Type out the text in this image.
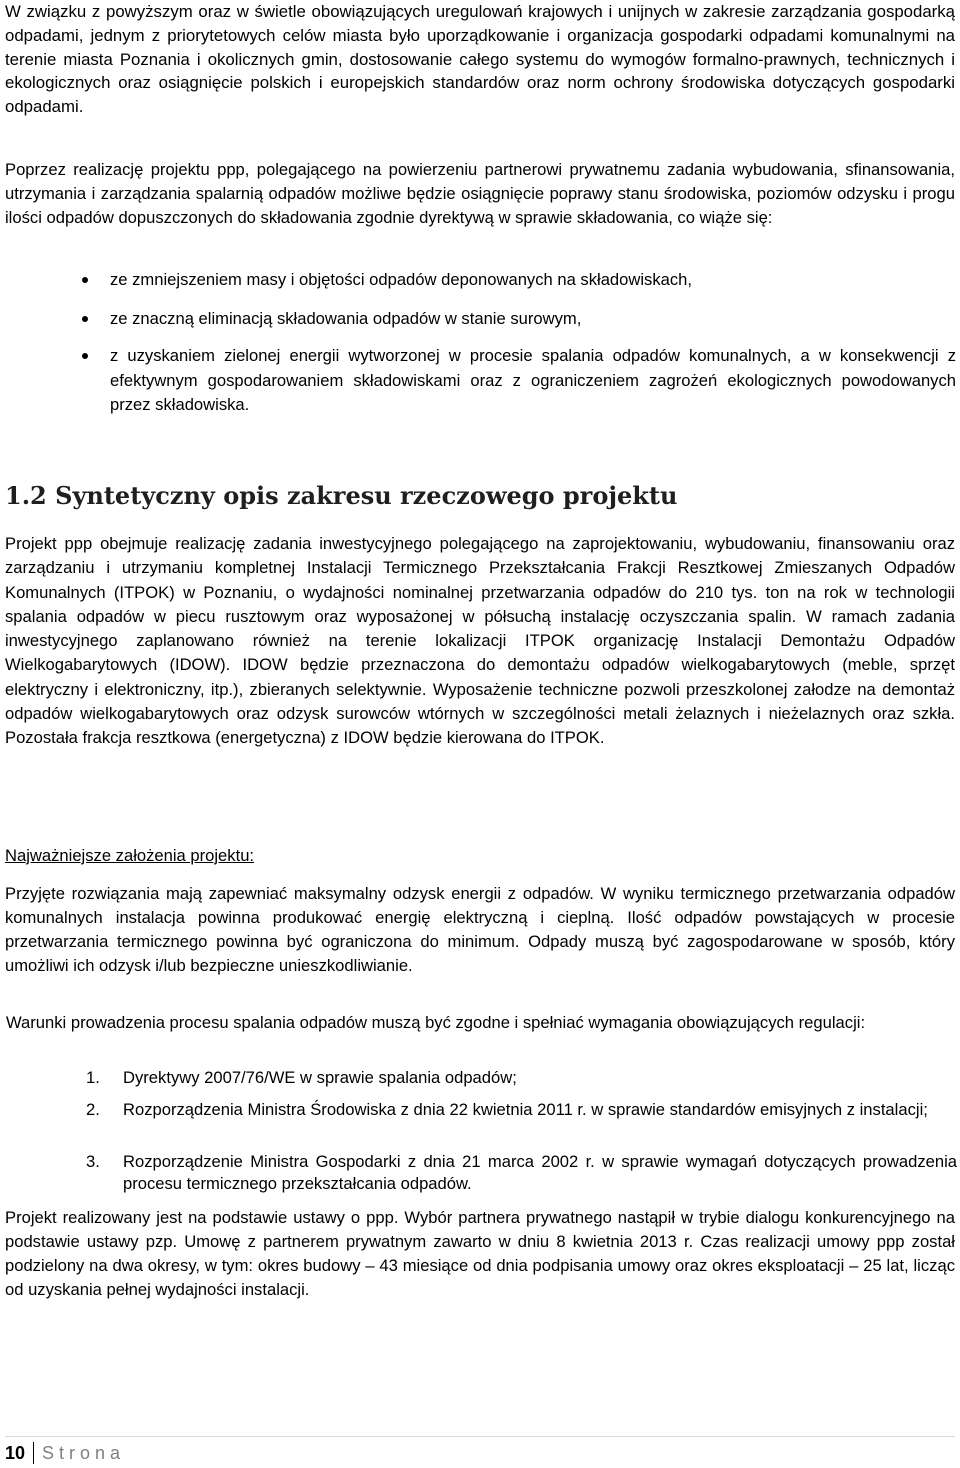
W związku z powyższym oraz w świetle obowiązujących uregulowań krajowych i unijnych w zakresie zarządzania gospodarką odpadami, jednym z priorytetowych celów miasta było uporządkowanie i organizacja gospodarki odpadami komunalnymi na terenie miasta Poznania i okolicznych gmin, dostosowanie całego systemu do wymogów formalno-prawnych, technicznych i ekologicznych oraz osiągnięcie polskich i europejskich standardów oraz norm ochrony środowiska dotyczących gospodarki odpadami.

Poprzez realizację projektu ppp, polegającego na powierzeniu partnerowi prywatnemu zadania wybudowania, sfinansowania, utrzymania i zarządzania spalarnią odpadów możliwe będzie osiągnięcie poprawy stanu środowiska, poziomów odzysku i progu ilości odpadów dopuszczonych do składowania zgodnie dyrektywą w sprawie składowania, co wiąże się:

ze zmniejszeniem masy i objętości odpadów deponowanych na składowiskach,
ze znaczną eliminacją składowania odpadów w stanie surowym,
z uzyskaniem zielonej energii wytworzonej w procesie spalania odpadów komunalnych, a w konsekwencji z efektywnym gospodarowaniem składowiskami oraz z ograniczeniem zagrożeń ekologicznych powodowanych przez składowiska.
1.2 Syntetyczny opis zakresu rzeczowego projektu

Projekt ppp obejmuje realizację zadania inwestycyjnego polegającego na zaprojektowaniu, wybudowaniu, finansowaniu oraz zarządzaniu i utrzymaniu kompletnej Instalacji Termicznego Przekształcania Frakcji Resztkowej Zmieszanych Odpadów Komunalnych (ITPOK) w Poznaniu, o wydajności nominalnej przetwarzania odpadów do 210 tys. ton na rok w technologii spalania odpadów w piecu rusztowym oraz wyposażonej w półsuchą instalację oczyszczania spalin. W ramach zadania inwestycyjnego zaplanowano również na terenie lokalizacji ITPOK organizację Instalacji Demontażu Odpadów Wielkogabarytowych (IDOW). IDOW będzie przeznaczona do demontażu odpadów wielkogabarytowych (meble, sprzęt elektryczny i elektroniczny, itp.), zbieranych selektywnie. Wyposażenie techniczne pozwoli przeszkolonej załodze na demontaż odpadów wielkogabarytowych oraz odzysk surowców wtórnych w szczególności metali żelaznych i nieżelaznych oraz szkła. Pozostała frakcja resztkowa (energetyczna) z IDOW będzie kierowana do ITPOK.

Najważniejsze założenia projektu:

Przyjęte rozwiązania mają zapewniać maksymalny odzysk energii z odpadów. W wyniku termicznego przetwarzania odpadów komunalnych instalacja powinna produkować energię elektryczną i cieplną. Ilość odpadów powstających w procesie przetwarzania termicznego powinna być ograniczona do minimum. Odpady muszą być zagospodarowane w sposób, który umożliwi ich odzysk i/lub bezpieczne unieszkodliwianie.

Warunki prowadzenia procesu spalania odpadów muszą być zgodne i spełniać wymagania obowiązujących regulacji:

1. Dyrektywy 2007/76/WE w sprawie spalania odpadów;
2. Rozporządzenia Ministra Środowiska z dnia 22 kwietnia 2011 r. w sprawie standardów emisyjnych z instalacji;
3. Rozporządzenie Ministra Gospodarki z dnia 21 marca 2002 r. w sprawie wymagań dotyczących prowadzenia procesu termicznego przekształcania odpadów.

Projekt realizowany jest na podstawie ustawy o ppp. Wybór partnera prywatnego nastąpił w trybie dialogu konkurencyjnego na podstawie ustawy pzp. Umowę z partnerem prywatnym zawarto w dniu 8 kwietnia 2013 r. Czas realizacji umowy ppp został podzielony na dwa okresy, w tym: okres budowy – 43 miesiące od dnia podpisania umowy oraz okres eksploatacji – 25 lat, licząc od uzyskania pełnej wydajności instalacji.

10 Strona
